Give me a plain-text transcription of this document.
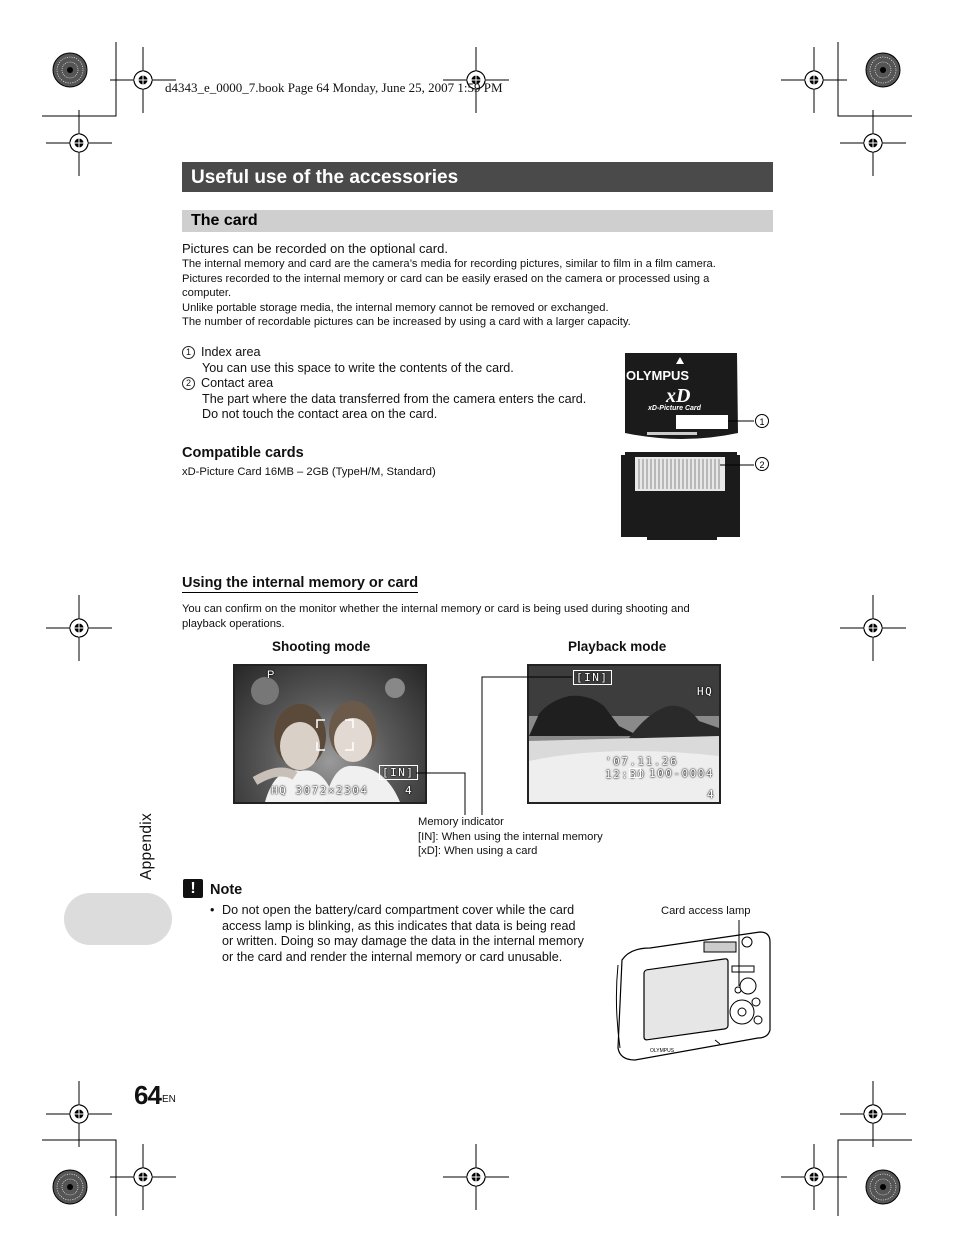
d4343_e_0000_7.book Page 64 Monday, June 25, 2007 1:59 PM
Useful use of the accessories
The card
Pictures can be recorded on the optional card.
The internal memory and card are the camera’s media for recording pictures, similar to film in a film camera.
Pictures recorded to the internal memory or card can be easily erased on the camera or processed using a
computer.
Unlike portable storage media, the internal memory cannot be removed or exchanged.
The number of recordable pictures can be increased by using a card with a larger capacity.
1 Index area
You can use this space to write the contents of the card.
2 Contact area
The part where the data transferred from the camera enters the card.
Do not touch the contact area on the card.
OLYMPUS
xD
xD-Picture Card
1
2
Compatible cards
xD-Picture Card 16MB – 2GB (TypeH/M, Standard)
Using the internal memory or card
You can confirm on the monitor whether the internal memory or card is being used during shooting and
playback operations.
Shooting mode	Playback mode
P
[IN]
HQ 3072×2304	4
[IN]
HQ
'07.11.26 12:30 100-0004
4
Memory indicator
[IN]: When using the internal memory
[xD]: When using a card
Appendix
! Note
• Do not open the battery/card compartment cover while the card
access lamp is blinking, as this indicates that data is being read
or written. Doing so may damage the data in the internal memory
or the card and render the internal memory or card unusable.
Card access lamp
OLYMPUS
64 EN
